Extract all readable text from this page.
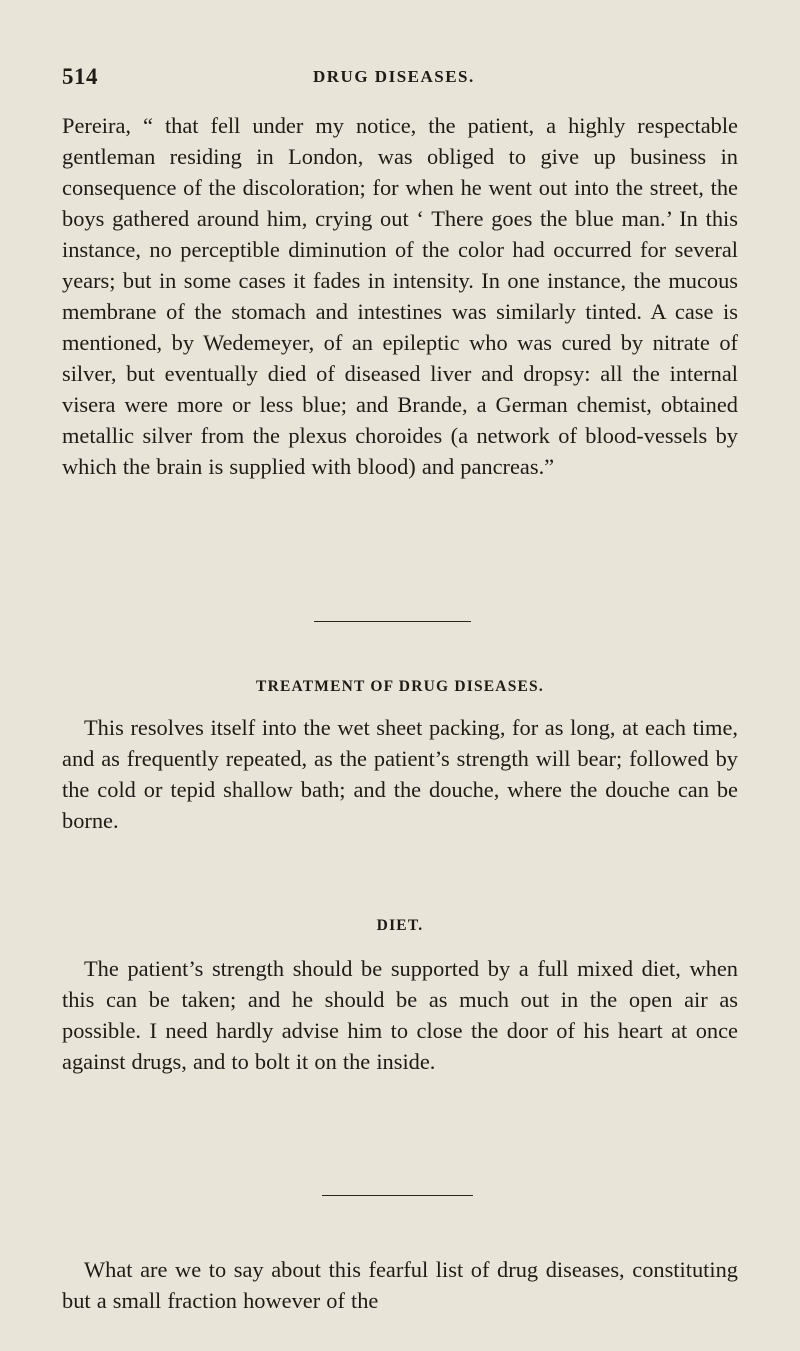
514	DRUG DISEASES.

Pereira, “ that fell under my notice, the patient, a highly respectable gentleman residing in London, was obliged to give up business in consequence of the discoloration; for when he went out into the street, the boys gathered around him, crying out ‘ There goes the blue man.’ In this instance, no perceptible diminution of the color had occurred for several years; but in some cases it fades in intensity. In one instance, the mucous membrane of the stomach and intestines was similarly tinted. A case is mentioned, by Wedemeyer, of an epileptic who was cured by nitrate of silver, but eventually died of diseased liver and dropsy: all the internal visera were more or less blue; and Brande, a German chemist, obtained metallic silver from the plexus choroides (a network of blood-vessels by which the brain is supplied with blood) and pancreas.”

TREATMENT OF DRUG DISEASES.

This resolves itself into the wet sheet packing, for as long, at each time, and as frequently repeated, as the patient’s strength will bear; followed by the cold or tepid shallow bath; and the douche, where the douche can be borne.

DIET.

The patient’s strength should be supported by a full mixed diet, when this can be taken; and he should be as much out in the open air as possible. I need hardly advise him to close the door of his heart at once against drugs, and to bolt it on the inside.

What are we to say about this fearful list of drug diseases, constituting but a small fraction however of the
